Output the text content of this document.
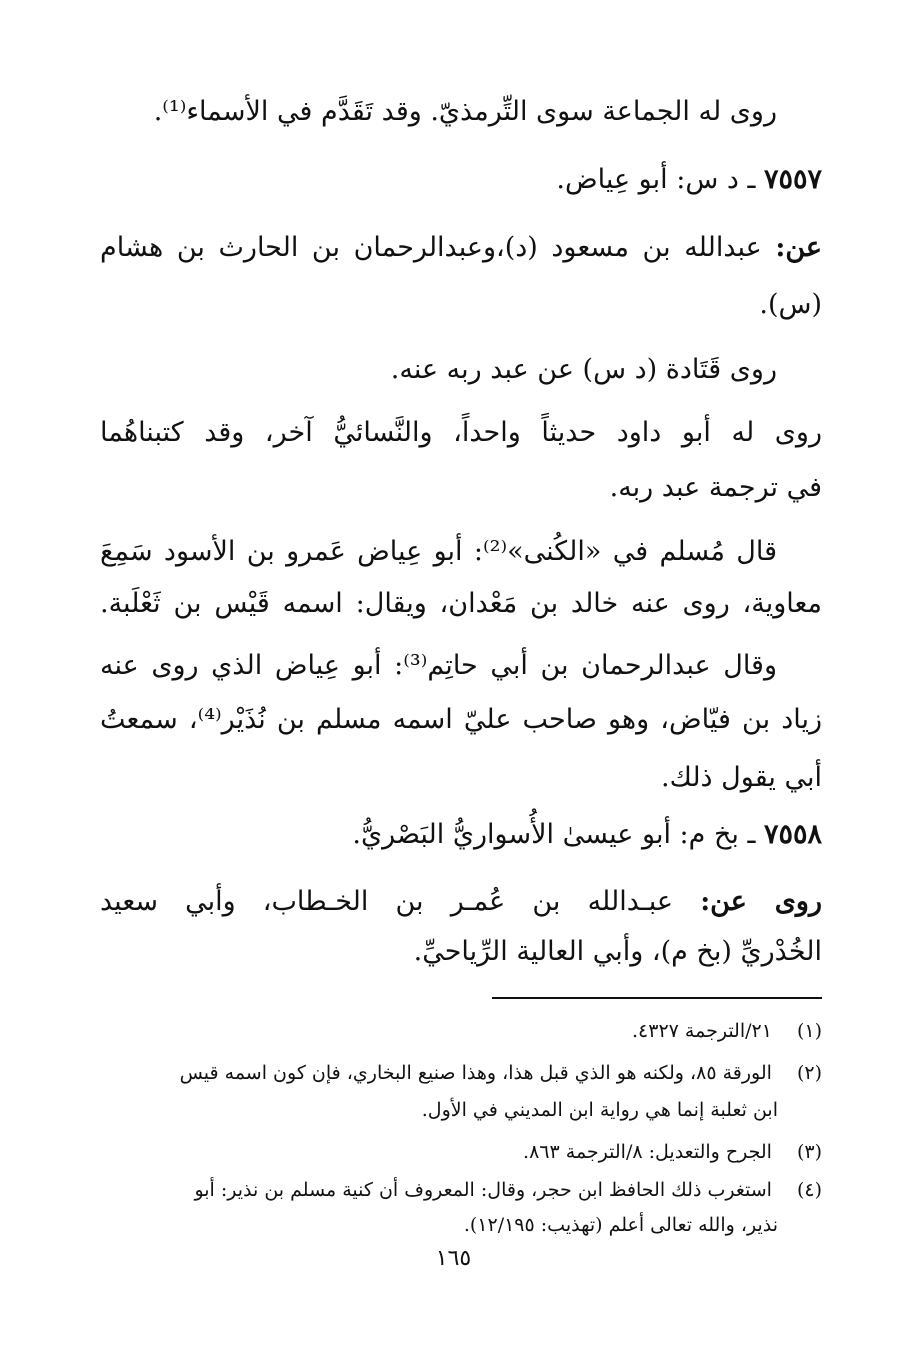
روى له الجماعة سوى التِّرمذيّ. وقد تَقَدَّم في الأسماء⁽¹⁾.
٧٥٥٧ ـ د س: أبو عِياض.
عن: عبدالله بن مسعود (د)،وعبدالرحمان بن الحارث بن هشام
(س).
روى قَتَادة (د س) عن عبد ربه عنه.
روى له أبو داود حديثاً واحداً، والنَّسائيُّ آخر، وقد كتبناهُما
في ترجمة عبد ربه.
قال مُسلم في «الكُنى»⁽²⁾: أبو عِياض عَمرو بن الأسود سَمِعَ
معاوية، روى عنه خالد بن مَعْدان، ويقال: اسمه قَيْس بن ثَعْلَبة.
وقال عبدالرحمان بن أبي حاتِم⁽³⁾: أبو عِياض الذي روى عنه
زياد بن فيّاض، وهو صاحب عليّ اسمه مسلم بن نُذَيْر⁽⁴⁾، سمعتُ
أبي يقول ذلك.
٧٥٥٨ ـ بخ م: أبو عيسىٰ الأُسواريُّ البَصْريُّ.
روى عن: عبـدالله بن عُمـر بن الخـطاب، وأبي سعيد
الخُدْريِّ (بخ م)، وأبي العالية الرِّياحيِّ.
(١) ٢١/الترجمة ٤٣٢٧.
(٢) الورقة ٨٥، ولكنه هو الذي قبل هذا، وهذا صنيع البخاري، فإن كون اسمه قيس
ابن ثعلبة إنما هي رواية ابن المديني في الأول.
(٣) الجرح والتعديل: ٨/الترجمة ٨٦٣.
(٤) استغرب ذلك الحافظ ابن حجر، وقال: المعروف أن كنية مسلم بن نذير: أبو
نذير، والله تعالى أعلم (تهذيب: ١٢/١٩٥).
١٦٥
